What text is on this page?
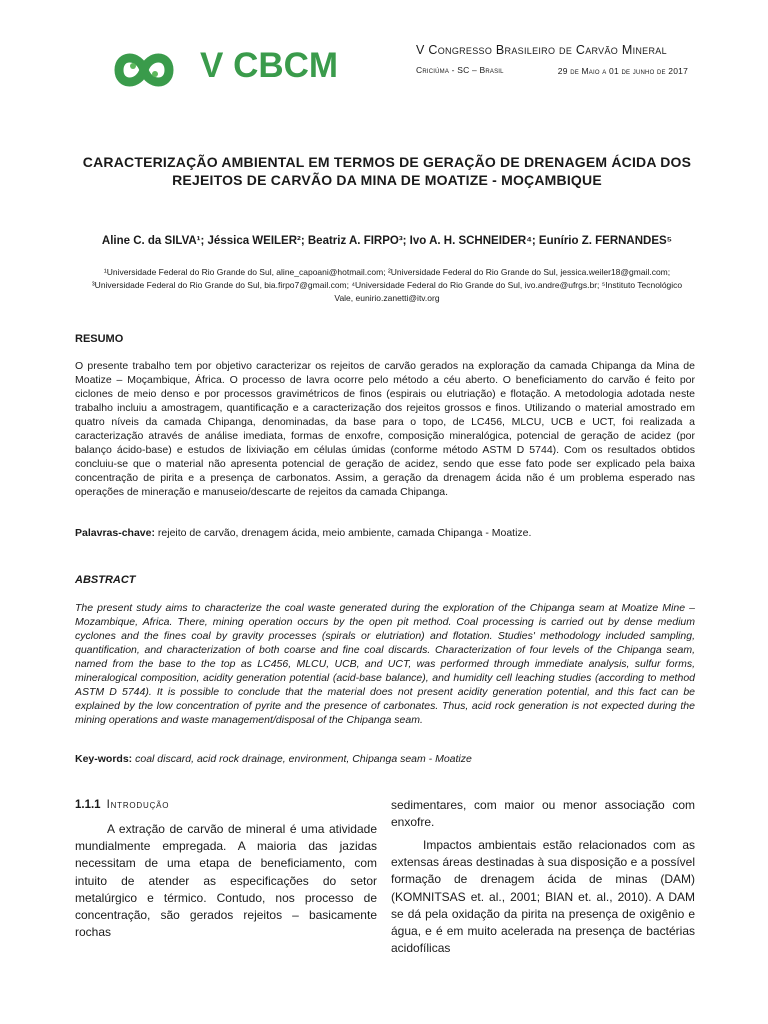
V CBCM	V Congresso Brasileiro de Carvão Mineral
Criciúma - SC – Brasil	29 de Maio a 01 de junho de 2017
CARACTERIZAÇÃO AMBIENTAL EM TERMOS DE GERAÇÃO DE DRENAGEM ÁCIDA DOS REJEITOS DE CARVÃO DA MINA DE MOATIZE - MOÇAMBIQUE
Aline C. da SILVA¹; Jéssica WEILER²; Beatriz A. FIRPO³; Ivo A. H. SCHNEIDER⁴; Eunírio Z. FERNANDES⁵
¹Universidade Federal do Rio Grande do Sul, aline_capoani@hotmail.com; ²Universidade Federal do Rio Grande do Sul, jessica.weiler18@gmail.com; ³Universidade Federal do Rio Grande do Sul, bia.firpo7@gmail.com; ⁴Universidade Federal do Rio Grande do Sul, ivo.andre@ufrgs.br; ⁵Instituto Tecnológico Vale, eunirio.zanetti@itv.org
RESUMO
O presente trabalho tem por objetivo caracterizar os rejeitos de carvão gerados na exploração da camada Chipanga da Mina de Moatize – Moçambique, África. O processo de lavra ocorre pelo método a céu aberto. O beneficiamento do carvão é feito por ciclones de meio denso e por processos gravimétricos de finos (espirais ou elutriação) e flotação. A metodologia adotada neste trabalho incluiu a amostragem, quantificação e a caracterização dos rejeitos grossos e finos. Utilizando o material amostrado em quatro níveis da camada Chipanga, denominadas, da base para o topo, de LC456, MLCU, UCB e UCT, foi realizada a caracterização através de análise imediata, formas de enxofre, composição mineralógica, potencial de geração de acidez (por balanço ácido-base) e estudos de lixiviação em células úmidas (conforme método ASTM D 5744). Com os resultados obtidos concluiu-se que o material não apresenta potencial de geração de acidez, sendo que esse fato pode ser explicado pela baixa concentração de pirita e a presença de carbonatos. Assim, a geração da drenagem ácida não é um problema esperado nas operações de mineração e manuseio/descarte de rejeitos da camada Chipanga.
Palavras-chave: rejeito de carvão, drenagem ácida, meio ambiente, camada Chipanga - Moatize.
ABSTRACT
The present study aims to characterize the coal waste generated during the exploration of the Chipanga seam at Moatize Mine – Mozambique, Africa. There, mining operation occurs by the open pit method. Coal processing is carried out by dense medium cyclones and the fines coal by gravity processes (spirals or elutriation) and flotation. Studies' methodology included sampling, quantification, and characterization of both coarse and fine coal discards. Characterization of four levels of the Chipanga seam, named from the base to the top as LC456, MLCU, UCB, and UCT, was performed through immediate analysis, sulfur forms, mineralogical composition, acidity generation potential (acid-base balance), and humidity cell leaching studies (according to method ASTM D 5744). It is possible to conclude that the material does not present acidity generation potential, and this fact can be explained by the low concentration of pyrite and the presence of carbonates. Thus, acid rock generation is not expected during the mining operations and waste management/disposal of the Chipanga seam.
Key-words: coal discard, acid rock drainage, environment, Chipanga seam - Moatize
1.1.1 Introdução
A extração de carvão de mineral é uma atividade mundialmente empregada. A maioria das jazidas necessitam de uma etapa de beneficiamento, com intuito de atender as especificações do setor metalúrgico e térmico. Contudo, nos processo de concentração, são gerados rejeitos – basicamente rochas
sedimentares, com maior ou menor associação com enxofre.
Impactos ambientais estão relacionados com as extensas áreas destinadas à sua disposição e a possível formação de drenagem ácida de minas (DAM) (KOMNITSAS et. al., 2001; BIAN et. al., 2010). A DAM se dá pela oxidação da pirita na presença de oxigênio e água, e é em muito acelerada na presença de bactérias acidofílicas
